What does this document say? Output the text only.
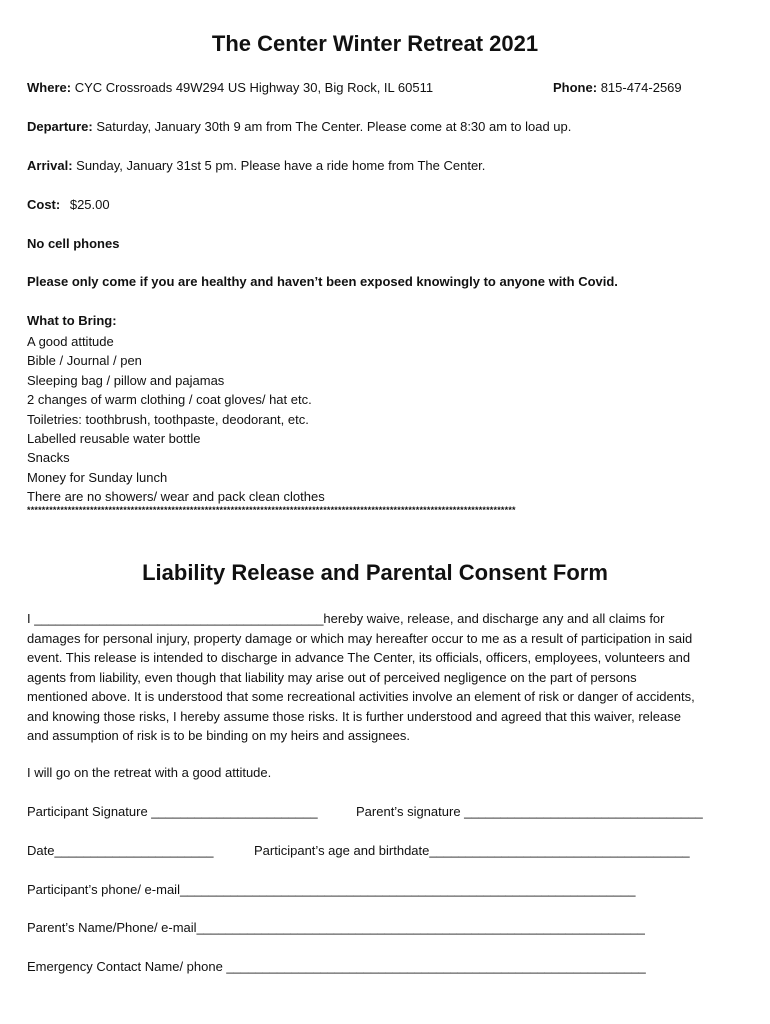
The Center Winter Retreat 2021
Where: CYC Crossroads 49W294 US Highway 30, Big Rock, IL 60511	Phone: 815-474-2569
Departure: Saturday, January 30th 9 am from The Center. Please come at 8:30 am to load up.
Arrival: Sunday, January 31st 5 pm. Please have a ride home from The Center.
Cost: $25.00
No cell phones
Please only come if you are healthy and haven’t been exposed knowingly to anyone with Covid.
What to Bring:
A good attitude
Bible / Journal / pen
Sleeping bag / pillow and pajamas
2 changes of warm clothing / coat gloves/ hat etc.
Toiletries: toothbrush, toothpaste, deodorant, etc.
Labelled reusable water bottle
Snacks
Money for Sunday lunch
There are no showers/ wear and pack clean clothes
************************************************************************************************************************************
Liability Release and Parental Consent Form
I ________________________________________hereby waive, release, and discharge any and all claims for
damages for personal injury, property damage or which may hereafter occur to me as a result of participation in said
event. This release is intended to discharge in advance The Center, its officials, officers, employees, volunteers and
agents from liability, even though that liability may arise out of perceived negligence on the part of persons
mentioned above. It is understood that some recreational activities involve an element of risk or danger of accidents,
and knowing those risks, I hereby assume those risks. It is further understood and agreed that this waiver, release
and assumption of risk is to be binding on my heirs and assignees.
I will go on the retreat with a good attitude.
Participant Signature _______________________	Parent’s signature _________________________________
Date______________________	Participant’s age and birthdate____________________________________
Participant’s phone/ e-mail_______________________________________________________________
Parent’s Name/Phone/ e-mail______________________________________________________________
Emergency Contact Name/ phone __________________________________________________________
